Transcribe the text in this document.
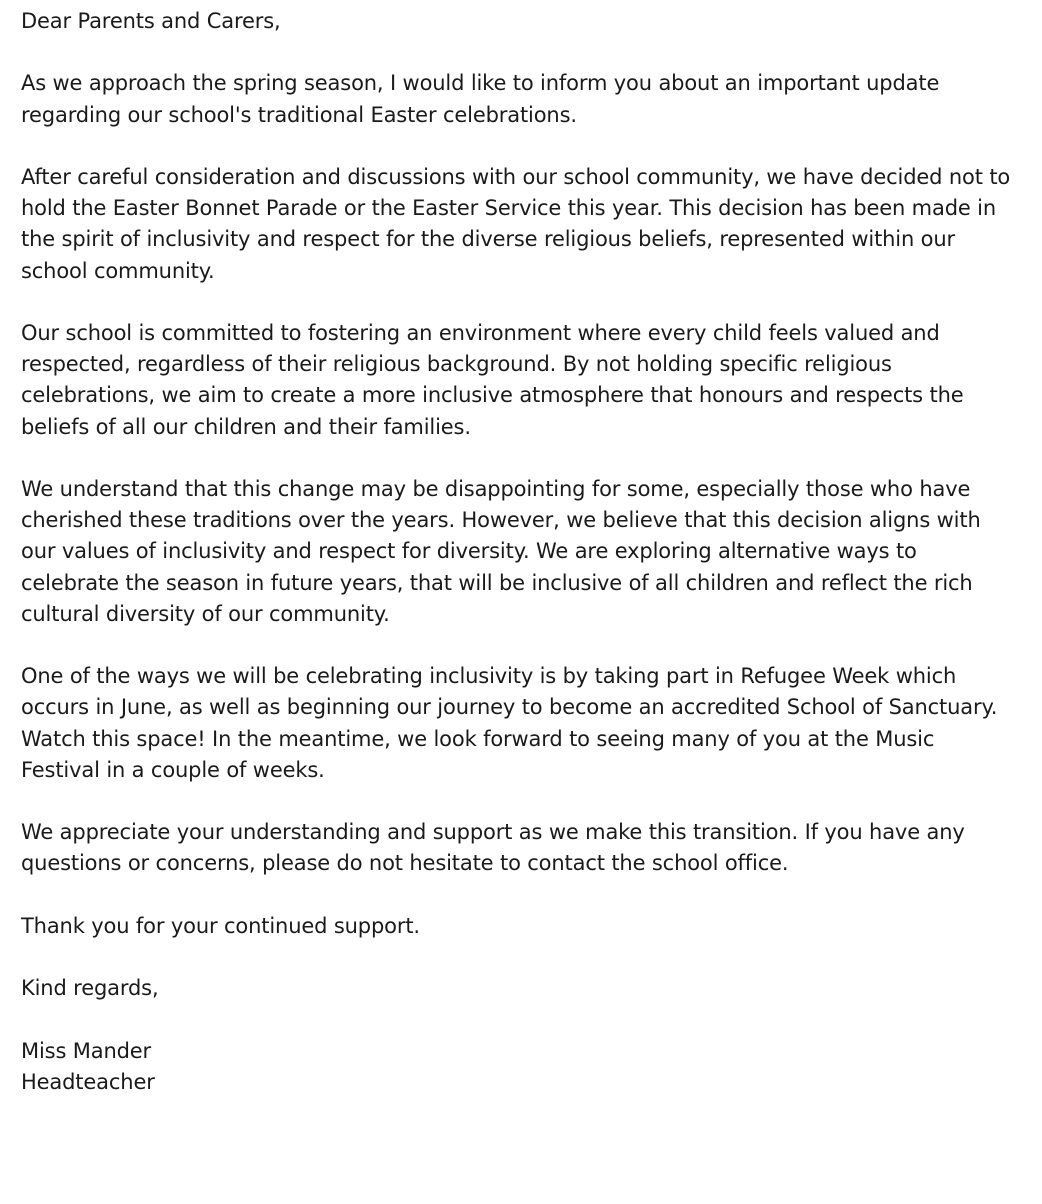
Dear Parents and Carers,
As we approach the spring season, I would like to inform you about an important update
regarding our school's traditional Easter celebrations.
After careful consideration and discussions with our school community, we have decided not to
hold the Easter Bonnet Parade or the Easter Service this year. This decision has been made in
the spirit of inclusivity and respect for the diverse religious beliefs, represented within our
school community.
Our school is committed to fostering an environment where every child feels valued and
respected, regardless of their religious background. By not holding specific religious
celebrations, we aim to create a more inclusive atmosphere that honours and respects the
beliefs of all our children and their families.
We understand that this change may be disappointing for some, especially those who have
cherished these traditions over the years. However, we believe that this decision aligns with
our values of inclusivity and respect for diversity. We are exploring alternative ways to
celebrate the season in future years, that will be inclusive of all children and reflect the rich
cultural diversity of our community.
One of the ways we will be celebrating inclusivity is by taking part in Refugee Week which
occurs in June, as well as beginning our journey to become an accredited School of Sanctuary.
Watch this space! In the meantime, we look forward to seeing many of you at the Music
Festival in a couple of weeks.
We appreciate your understanding and support as we make this transition. If you have any
questions or concerns, please do not hesitate to contact the school office.
Thank you for your continued support.
Kind regards,
Miss Mander
Headteacher
